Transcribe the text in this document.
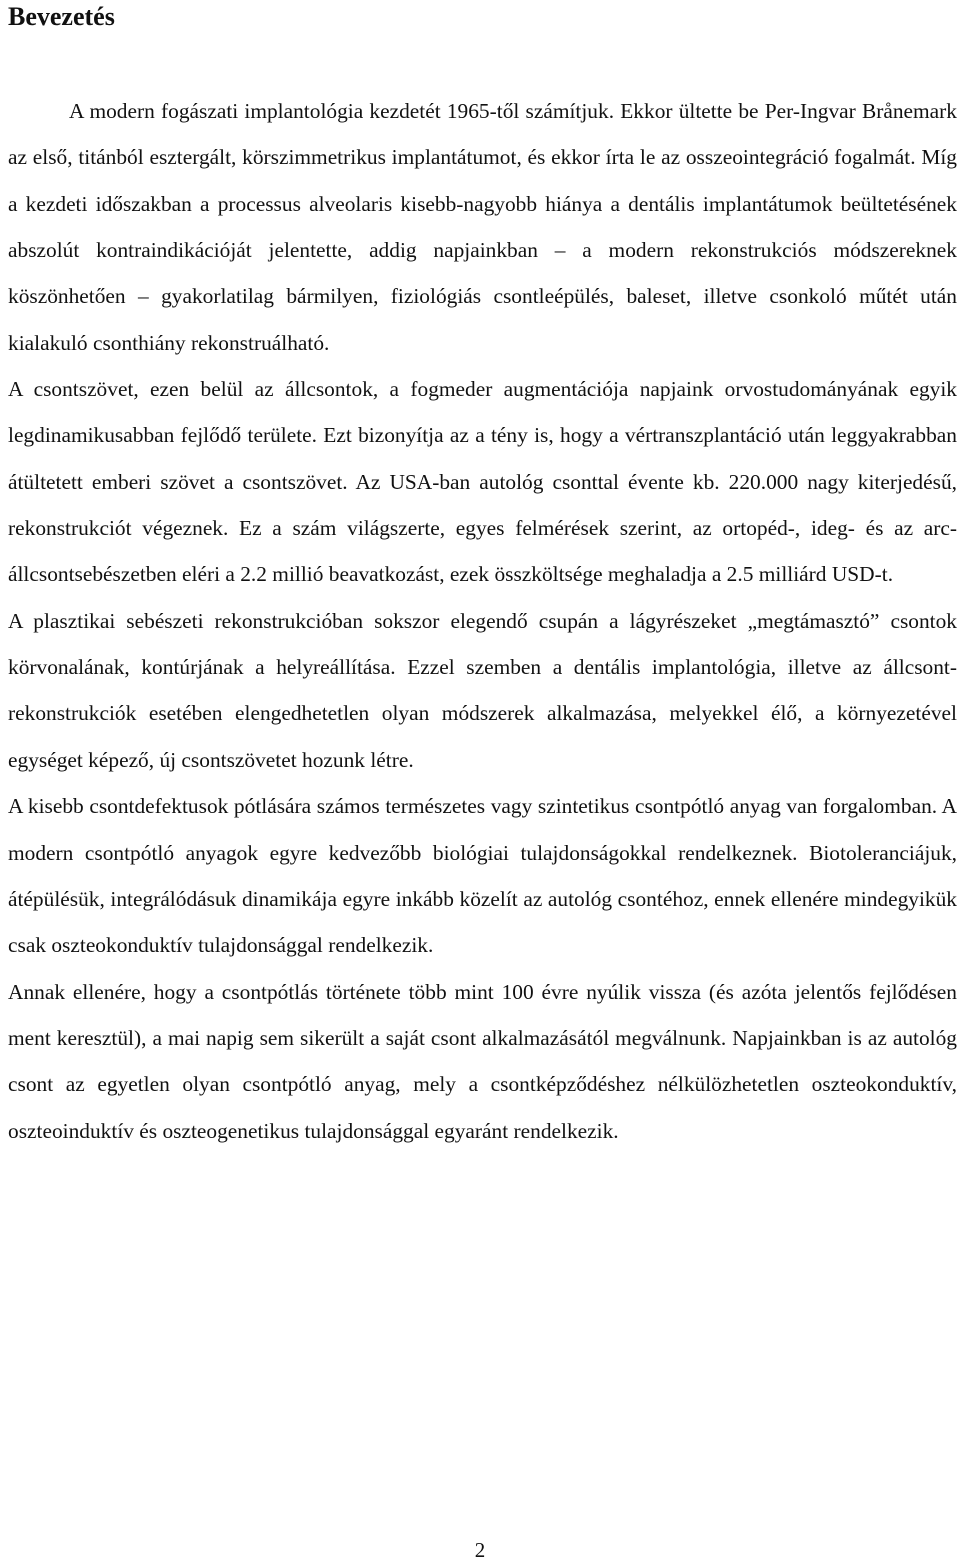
Bevezetés

A modern fogászati implantológia kezdetét 1965-től számítjuk. Ekkor ültette be Per-Ingvar Brånemark az első, titánból esztergált, körszimmetrikus implantátumot, és ekkor írta le az osszeointegráció fogalmát. Míg a kezdeti időszakban a processus alveolaris kisebb-nagyobb hiánya a dentális implantátumok beültetésének abszolút kontraindikációját jelentette, addig napjainkban – a modern rekonstrukciós módszereknek köszönhetően – gyakorlatilag bármilyen, fiziológiás csontleépülés, baleset, illetve csonkoló műtét után kialakuló csonthiány rekonstruálható.

A csontszövet, ezen belül az állcsontok, a fogmeder augmentációja napjaink orvostudományának egyik legdinamikusabban fejlődő területe. Ezt bizonyítja az a tény is, hogy a vértranszplantáció után leggyakrabban átültetett emberi szövet a csontszövet. Az USA-ban autológ csonttal évente kb. 220.000 nagy kiterjedésű, rekonstrukciót végeznek. Ez a szám világszerte, egyes felmérések szerint, az ortopéd-, ideg- és az arc-állcsontsebészetben eléri a 2.2 millió beavatkozást, ezek összköltsége meghaladja a 2.5 milliárd USD-t.

A plasztikai sebészeti rekonstrukcióban sokszor elegendő csupán a lágyrészeket „megtámasztó” csontok körvonalának, kontúrjának a helyreállítása. Ezzel szemben a dentális implantológia, illetve az állcsont-rekonstrukciók esetében elengedhetetlen olyan módszerek alkalmazása, melyekkel élő, a környezetével egységet képező, új csontszövetet hozunk létre.

A kisebb csontdefektusok pótlására számos természetes vagy szintetikus csontpótló anyag van forgalomban. A modern csontpótló anyagok egyre kedvezőbb biológiai tulajdonságokkal rendelkeznek. Biotoleranciájuk, átépülésük, integrálódásuk dinamikája egyre inkább közelít az autológ csontéhoz, ennek ellenére mindegyikük csak oszteokonduktív tulajdonsággal rendelkezik.

Annak ellenére, hogy a csontpótlás története több mint 100 évre nyúlik vissza (és azóta jelentős fejlődésen ment keresztül), a mai napig sem sikerült a saját csont alkalmazásától megválnunk. Napjainkban is az autológ csont az egyetlen olyan csontpótló anyag, mely a csontképződéshez nélkülözhetetlen oszteokonduktív, oszteoinduktív és oszteogenetikus tulajdonsággal egyaránt rendelkezik.

2
